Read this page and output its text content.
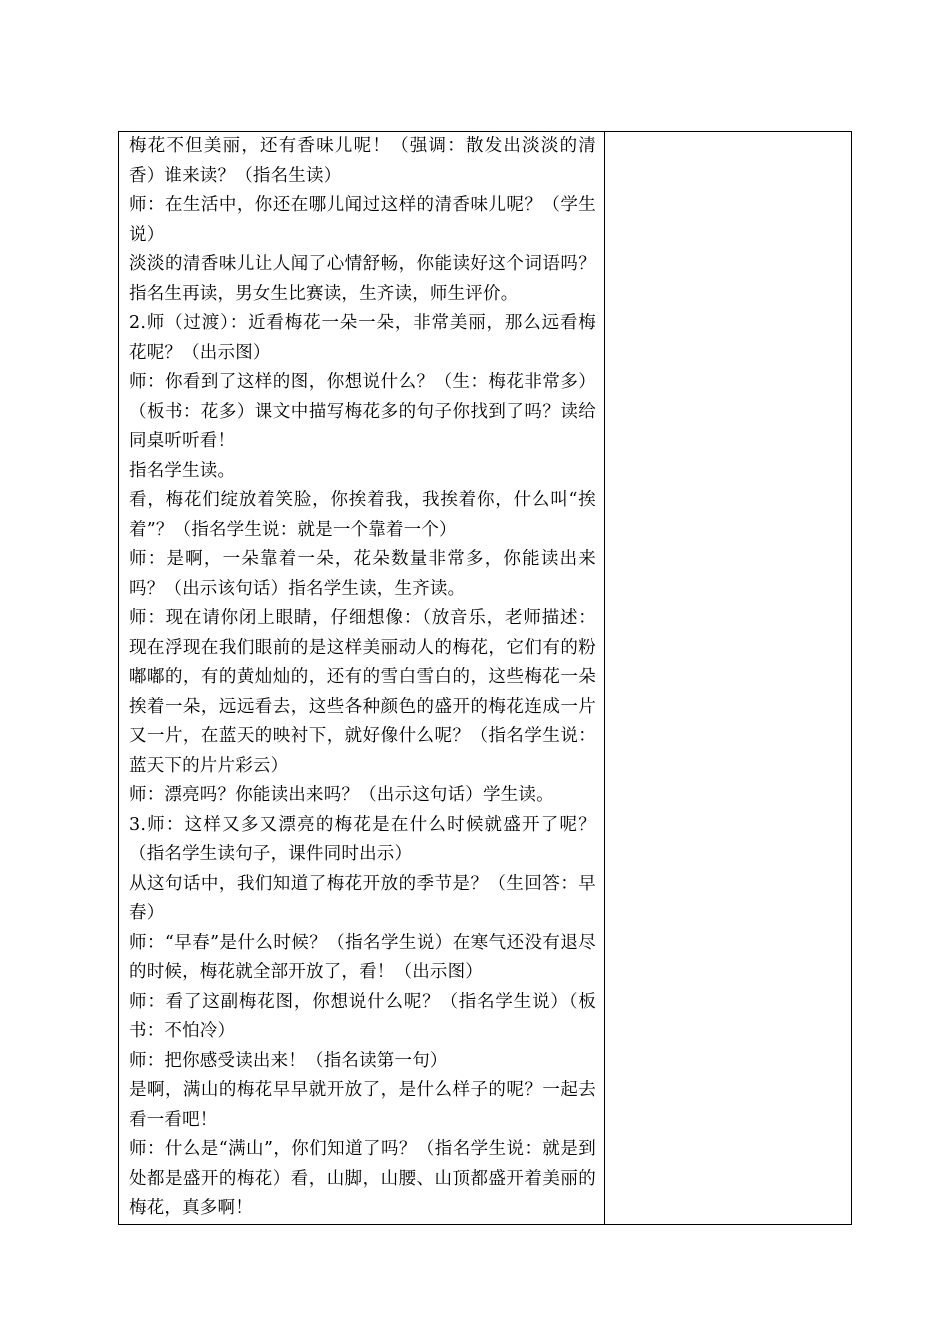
梅花不但美丽，还有香味儿呢！（强调：散发出淡淡的清香）谁来读？（指名生读）

师：在生活中，你还在哪儿闻过这样的清香味儿呢？（学生说）

淡淡的清香味儿让人闻了心情舒畅，你能读好这个词语吗？指名生再读，男女生比赛读，生齐读，师生评价。

2.师（过渡）：近看梅花一朵一朵，非常美丽，那么远看梅花呢？（出示图）

师：你看到了这样的图，你想说什么？（生：梅花非常多）（板书：花多）课文中描写梅花多的句子你找到了吗？读给同桌听听看！

指名学生读。

看，梅花们绽放着笑脸，你挨着我，我挨着你，什么叫“挨着”？（指名学生说：就是一个靠着一个）

师：是啊，一朵靠着一朵，花朵数量非常多，你能读出来吗？（出示该句话）指名学生读，生齐读。

师：现在请你闭上眼睛，仔细想像：（放音乐，老师描述：现在浮现在我们眼前的是这样美丽动人的梅花，它们有的粉嘟嘟的，有的黄灿灿的，还有的雪白雪白的，这些梅花一朵挨着一朵，远远看去，这些各种颜色的盛开的梅花连成一片又一片，在蓝天的映衬下，就好像什么呢？（指名学生说：蓝天下的片片彩云）

师：漂亮吗？你能读出来吗？（出示这句话）学生读。

3.师：这样又多又漂亮的梅花是在什么时候就盛开了呢？（指名学生读句子，课件同时出示）

从这句话中，我们知道了梅花开放的季节是？（生回答：早春）

师：“早春”是什么时候？（指名学生说）在寒气还没有退尽的时候，梅花就全部开放了，看！（出示图）

师：看了这副梅花图，你想说什么呢？（指名学生说）（板书：不怕冷）

师：把你感受读出来！（指名读第一句）

是啊，满山的梅花早早就开放了，是什么样子的呢？一起去看一看吧！

师：什么是“满山”，你们知道了吗？（指名学生说：就是到处都是盛开的梅花）看，山脚，山腰、山顶都盛开着美丽的梅花，真多啊！
